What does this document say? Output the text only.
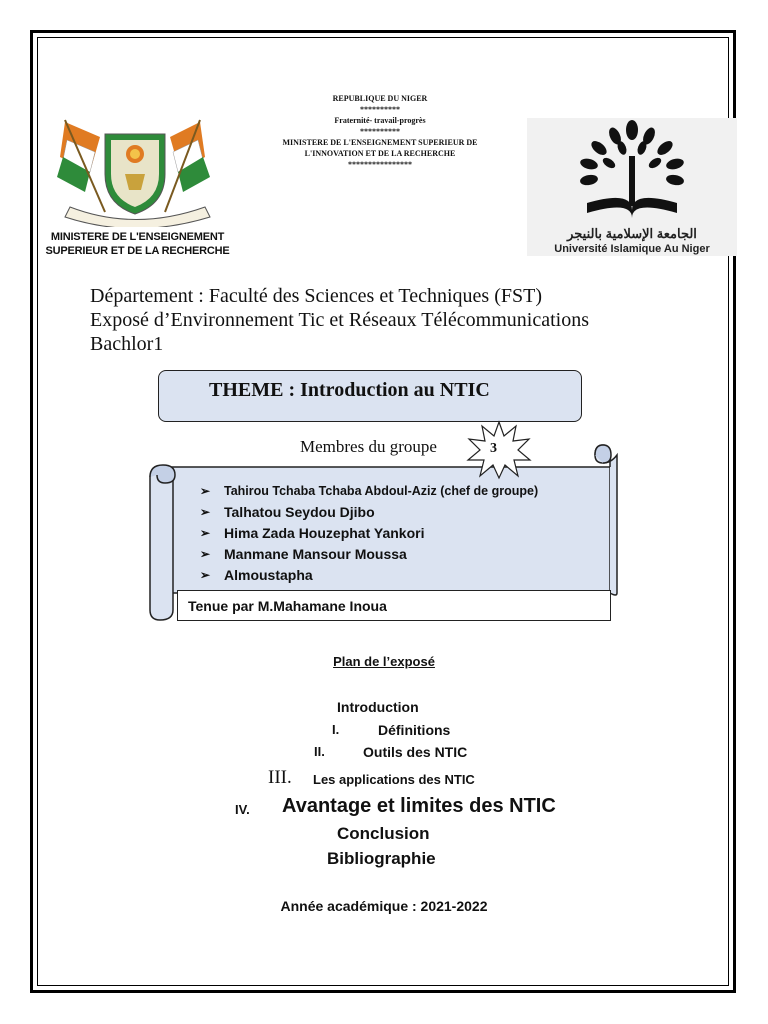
REPUBLIQUE DU NIGER
**********
Fraternité- travail-progrès
**********
MINISTERE DE L'ENSEIGNEMENT SUPERIEUR DE
L'INNOVATION ET DE LA RECHERCHE
****************
MINISTERE DE L'ENSEIGNEMENT
SUPERIEUR ET DE LA RECHERCHE
الجامعة الإسلامية بالنيجر
Université Islamique Au Niger
Département : Faculté des Sciences et Techniques (FST)
Exposé d’Environnement Tic et Réseaux Télécommunications
Bachlor1
THEME : Introduction au NTIC
Membres du groupe	3
➢	Tahirou Tchaba Tchaba Abdoul-Aziz (chef de groupe)
➢ Talhatou Seydou Djibo
➢ Hima Zada Houzephat Yankori
➢ Manmane Mansour Moussa
➢ Almoustapha
Tenue par M.Mahamane Inoua
Plan de l’exposé
Introduction
I.	Définitions
II.	Outils des NTIC
III. Les applications des NTIC
IV. Avantage et limites des NTIC
Conclusion
Bibliographie
Année académique : 2021-2022
